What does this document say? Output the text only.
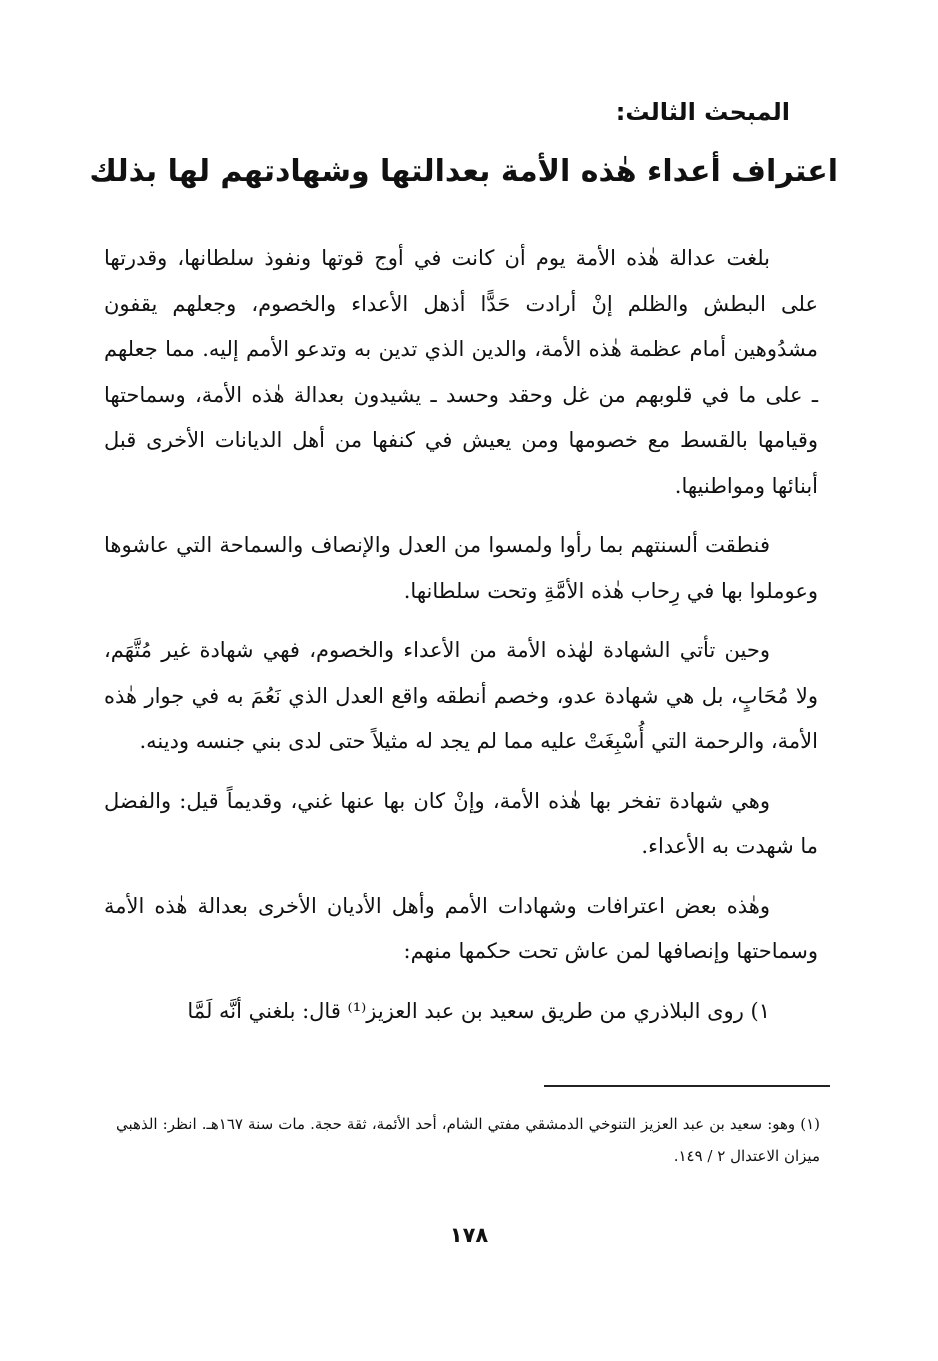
المبحث الثالث:
اعتراف أعداء هٰذه الأمة بعدالتها وشهادتهم لها بذلك

بلغت عدالة هٰذه الأمة يوم أن كانت في أوج قوتها ونفوذ سلطانها، وقدرتها على البطش والظلم إنْ أرادت حَدًّا أذهل الأعداء والخصوم، وجعلهم يقفون مشدُوهين أمام عظمة هٰذه الأمة، والدين الذي تدين به وتدعو الأمم إليه. مما جعلهم ـ على ما في قلوبهم من غل وحقد وحسد ـ يشيدون بعدالة هٰذه الأمة، وسماحتها وقيامها بالقسط مع خصومها ومن يعيش في كنفها من أهل الديانات الأخرى قبل أبنائها ومواطنيها.

فنطقت ألسنتهم بما رأوا ولمسوا من العدل والإنصاف والسماحة التي عاشوها وعوملوا بها في رِحاب هٰذه الأمَّةِ وتحت سلطانها.

وحين تأتي الشهادة لهٰذه الأمة من الأعداء والخصوم، فهي شهادة غير مُتَّهَم، ولا مُحَابٍ، بل هي شهادة عدو، وخصم أنطقه واقع العدل الذي نَعُمَ به في جوار هٰذه الأمة، والرحمة التي أُسْبِغَتْ عليه مما لم يجد له مثيلاً حتى لدى بني جنسه ودينه.

وهي شهادة تفخر بها هٰذه الأمة، وإنْ كان بها عنها غني، وقديماً قيل: والفضل ما شهدت به الأعداء.

وهٰذه بعض اعترافات وشهادات الأمم وأهل الأديان الأخرى بعدالة هٰذه الأمة وسماحتها وإنصافها لمن عاش تحت حكمها منهم:

١) روى البلاذري من طريق سعيد بن عبد العزيز⁽¹⁾ قال: بلغني أنَّه لَمَّا

(١) وهو: سعيد بن عبد العزيز التنوخي الدمشقي مفتي الشام، أحد الأئمة، ثقة حجة. مات سنة ١٦٧هـ. انظر: الذهبي ميزان الاعتدال ٢ / ١٤٩.
١٧٨
